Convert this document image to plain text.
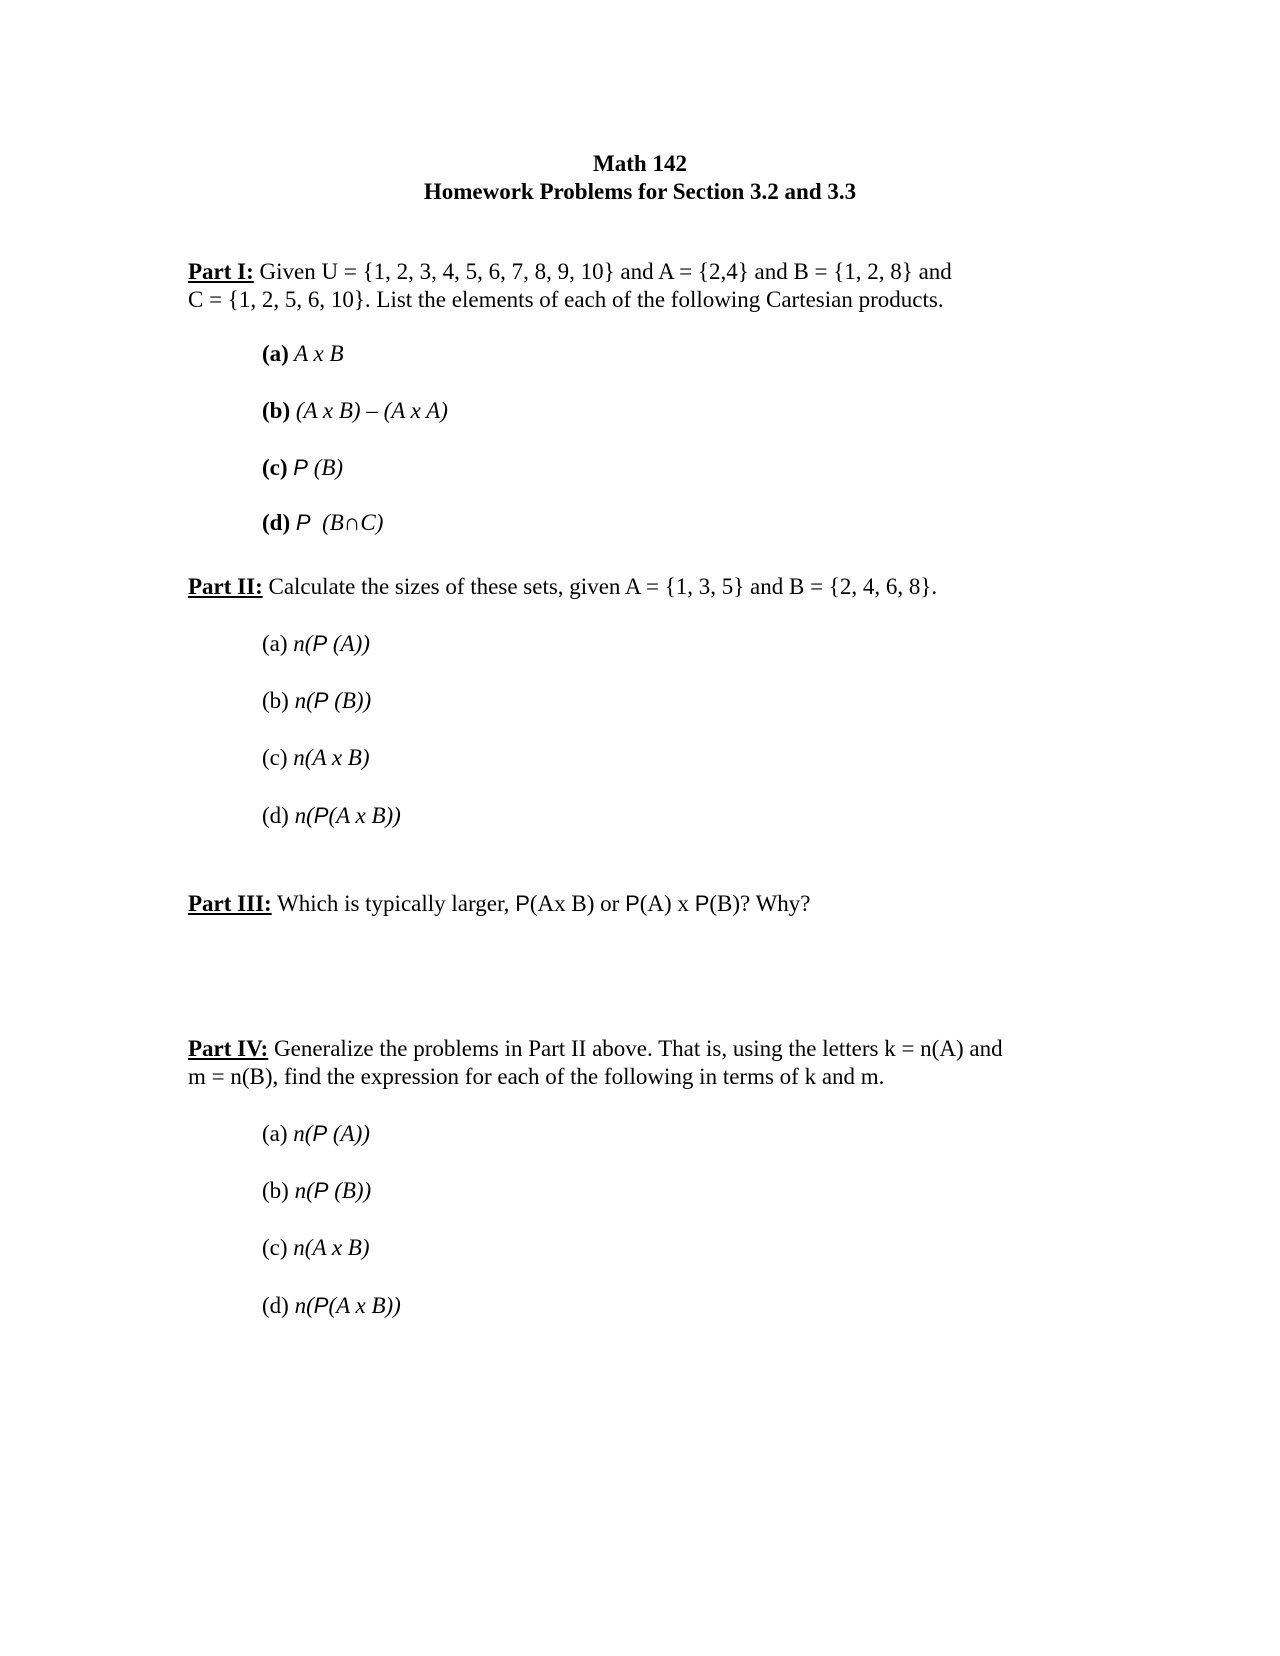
Math 142
Homework Problems for Section 3.2 and 3.3
Part I: Given U = {1, 2, 3, 4, 5, 6, 7, 8, 9, 10} and A = {2,4} and B = {1, 2, 8} and
C = {1, 2, 5, 6, 10}. List the elements of each of the following Cartesian products.
(a) A x B
(b) (A x B) – (A x A)
(c) P (B)
(d) P  (B∩C)
Part II: Calculate the sizes of these sets, given A = {1, 3, 5} and B = {2, 4, 6, 8}.
(a) n(P (A))
(b) n(P (B))
(c) n(A x B)
(d) n(P(A x B))
Part III: Which is typically larger, P(Ax B) or P(A) x P(B)? Why?
Part IV: Generalize the problems in Part II above. That is, using the letters k = n(A) and
m = n(B), find the expression for each of the following in terms of k and m.
(a) n(P (A))
(b) n(P (B))
(c) n(A x B)
(d) n(P(A x B))
